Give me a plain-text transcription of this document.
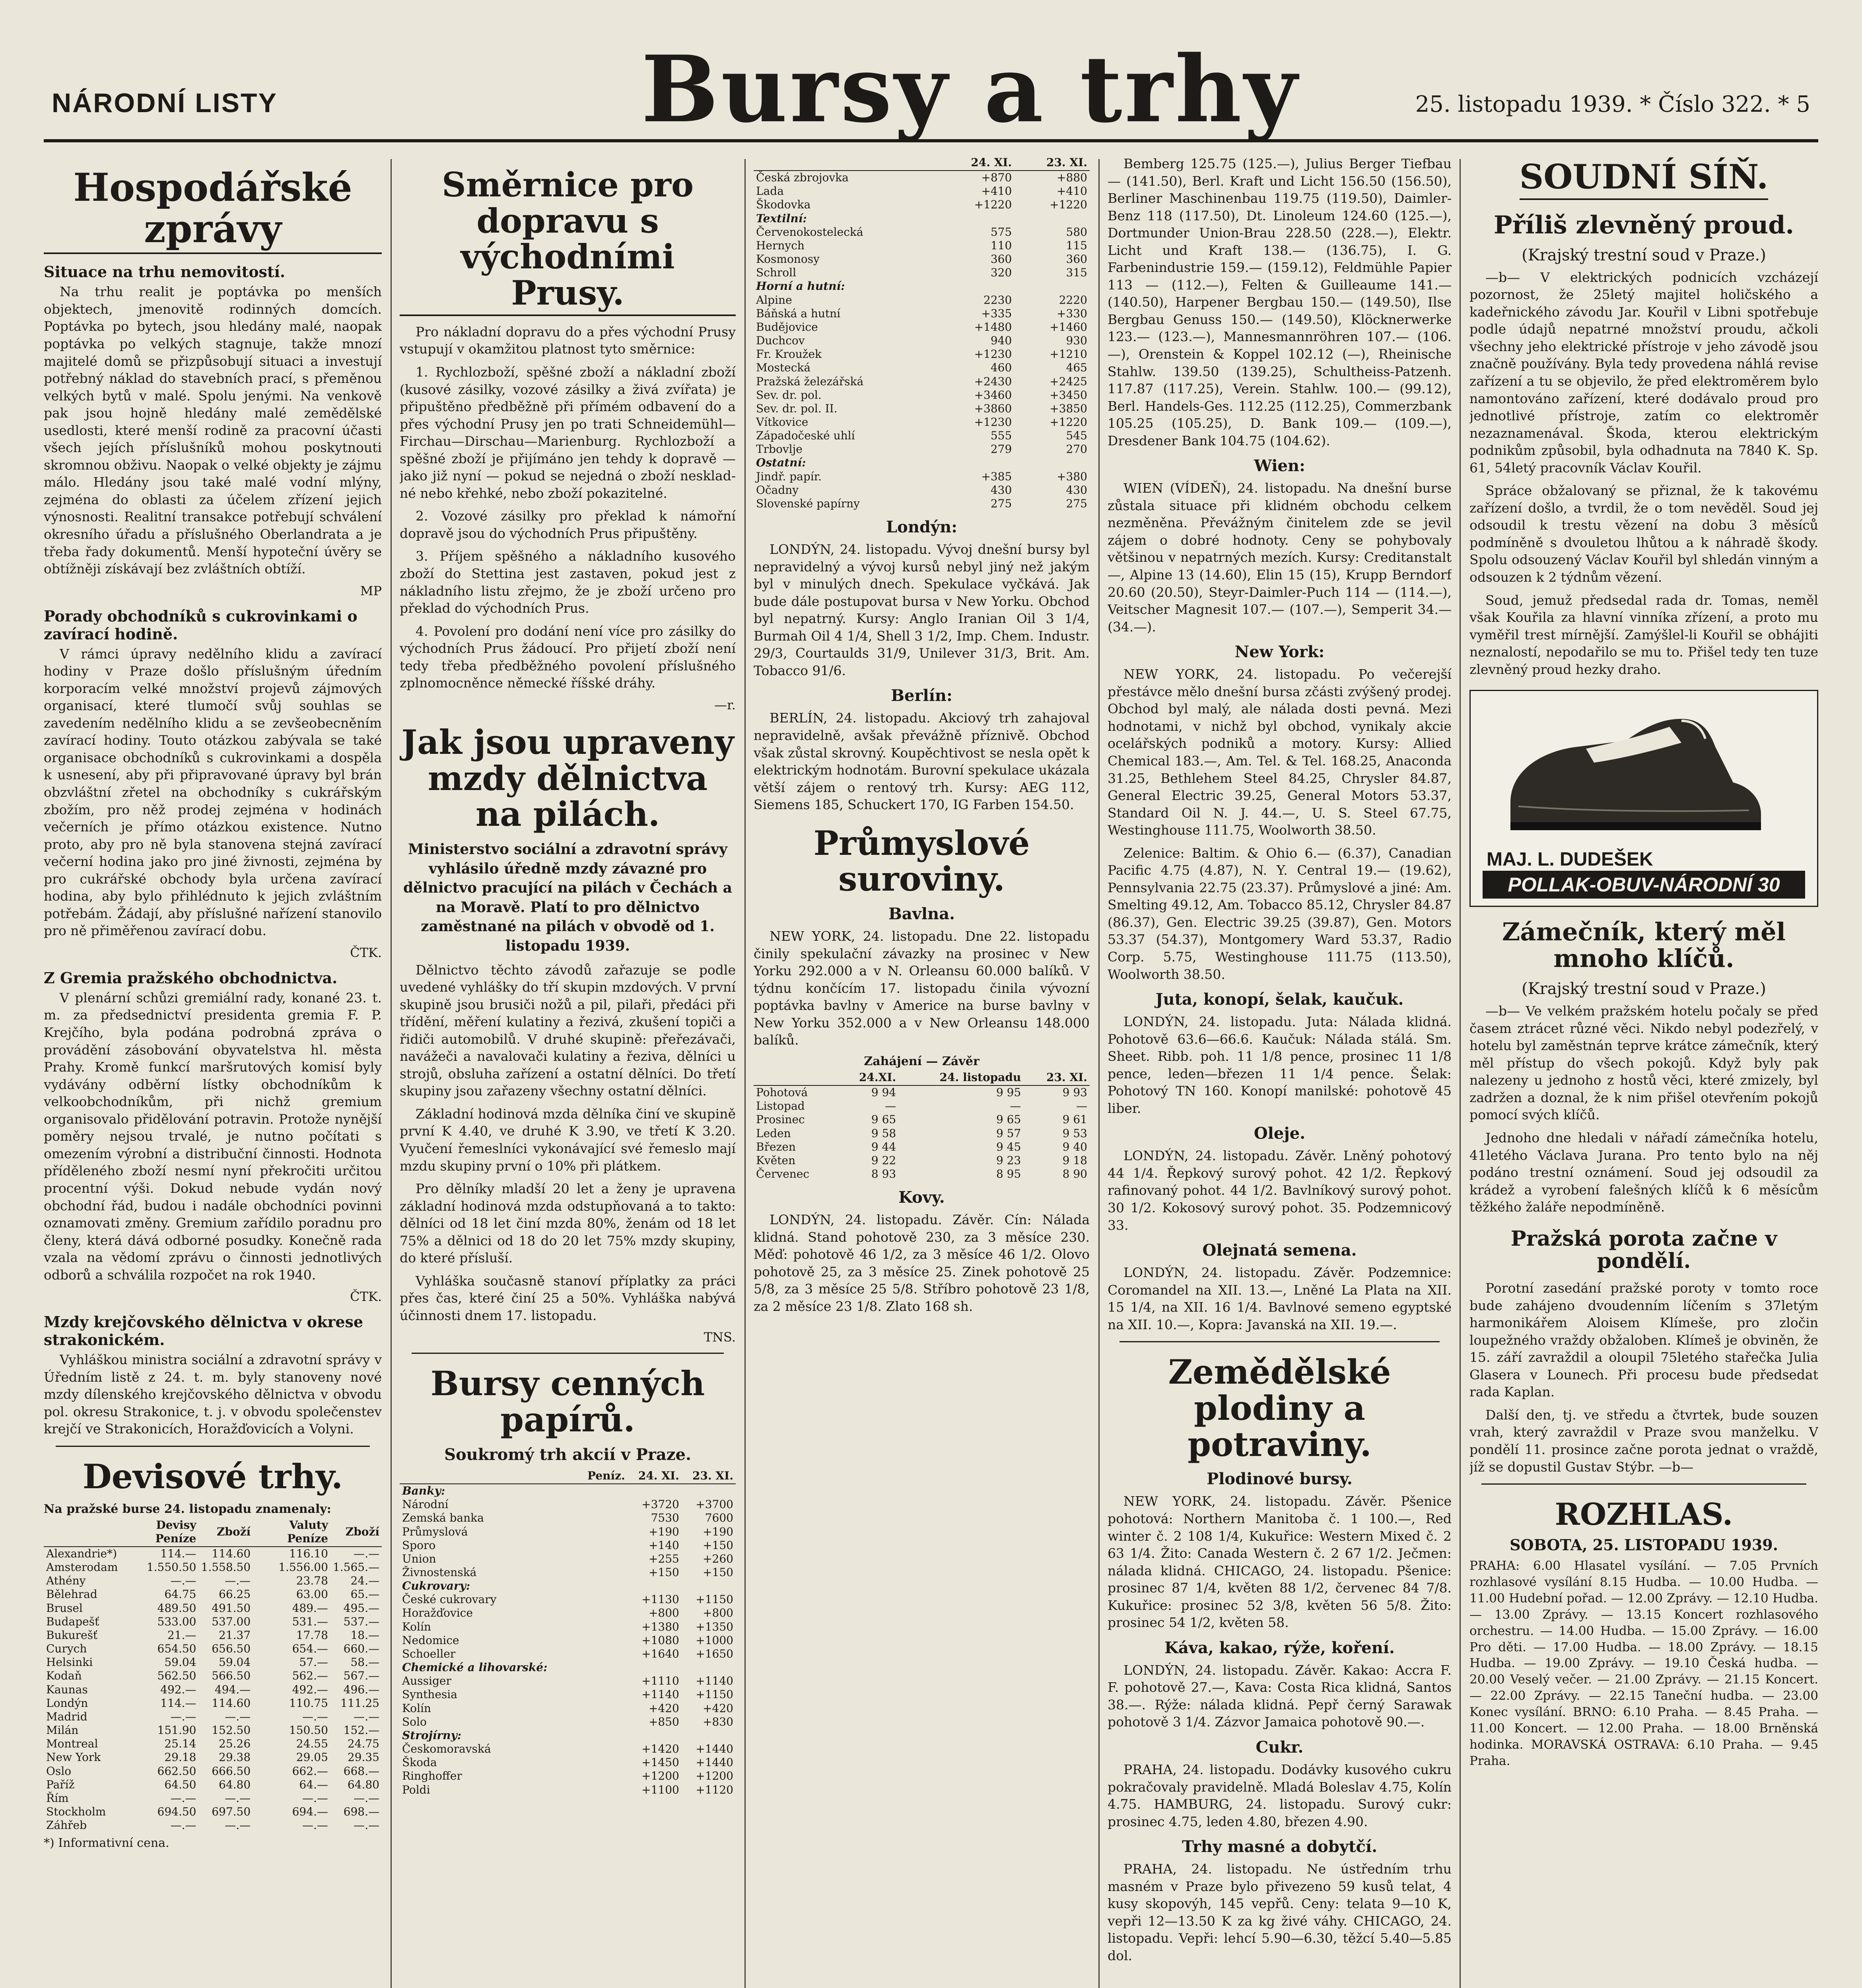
NÁRODNÍ LISTY	Bursy a trhy	25. listopadu 1939. * Číslo 322. * 5
Hospodářské zprávy
Situace na trhu nemovitostí.

Na trhu realit je poptávka po menších objektech, jmenovitě rodinných domcích. Poptávka po bytech, jsou hledány malé, naopak poptávka po velkých stagnuje, takže mnozí majitelé domů se přizpůsobují situaci a investují potřebný náklad do stavebních prací, s přeměnou velkých bytů v malé. Spolu jenými. Na venkově pak jsou hojně hledány malé zemědělské usedlosti, které menší rodině za pracovní účasti všech jejích příslušníků mohou poskytnouti skromnou obživu. Naopak o velké objekty je zájmu málo. Hledány jsou také malé vodní mlýny, zejména do oblasti za účelem zřízení jejich výnosnosti. Realitní transakce potřebují schválení okresního úřadu a příslušného Oberlandrata a je třeba řady dokumentů. Menší hypoteční úvěry se obtížněji získávají bez zvláštních obtíží.

MP
Porady obchodníků s cukrovinkami o zavírací hodině.

V rámci úpravy nedělního klidu a zavírací hodiny v Praze došlo příslušným úředním korporacím velké množství projevů zájmových organisací, které tlumočí svůj souhlas se zavedením nedělního klidu a se zevšeobecněním zavírací hodiny. Touto otázkou zabývala se také organisace obchodníků s cukrovinkami a dospěla k usnesení, aby při připravované úpravy byl brán obzvláštní zřetel na obchodníky s cukrářským zbožím, pro něž prodej zejména v hodinách večerních je přímo otázkou existence. Nutno proto, aby pro ně byla stanovena stejná zavírací večerní hodina jako pro jiné živnosti, zejména by pro cukrářské obchody byla určena zavírací hodina, aby bylo přihlédnuto k jejich zvláštním potřebám. Žádají, aby příslušné nařízení stanovilo pro ně přiměřenou zavírací dobu.

ČTK.
Z Gremia pražského obchodnictva.

V plenární schůzi gremiální rady, konané 23. t. m. za předsednictví presidenta gremia F. P. Krejčího, byla podána podrobná zpráva o provádění zásobování obyvatelstva hl. města Prahy. Kromě funkcí maršrutových komisí byly vydávány odběrní lístky obchodníkům k velkoobchodníkům, při nichž gremium organisovalo přidělování potravin. Protože nynější poměry nejsou trvalé, je nutno počítati s omezením výrobní a distribuční činnosti. Hodnota příděleného zboží nesmí nyní překročiti určitou procentní výši. Dokud nebude vydán nový obchodní řád, budou i nadále obchodníci povinni oznamovati změny. Gremium zařídilo poradnu pro členy, která dává odborné posudky. Konečně rada vzala na vědomí zprávu o činnosti jednotlivých odborů a schválila rozpočet na rok 1940.

ČTK.
Mzdy krejčovského dělnictva v okrese strakonickém.

Vyhláškou ministra sociální a zdravotní správy v Úředním listě z 24. t. m. byly stanoveny nové mzdy dílenského krejčovského dělnictva v obvodu pol. okresu Strakonice, t. j. v obvodu společenstev krejčí ve Strakonicích, Horažďovicích a Volyni.

Devisové trhy.
Na pražské burse 24. listopadu znamenaly:
	Devisy Peníze	Zboží	Valuty Peníze	Zboží
Alexandrie*)	114.—	114.60	116.10	—.—
Amsterodam	1.550.50	1.558.50	1.556.00	1.565.—
Athény	—.—	—.—	23.78	24.—
Bělehrad	64.75	66.25	63.00	65.—
Brusel	489.50	491.50	489.—	495.—
Budapešť	533.00	537.00	531.—	537.—
Bukurešť	21.—	21.37	17.78	18.—
Curych	654.50	656.50	654.—	660.—
Helsinki	59.04	59.04	57.—	58.—
Kodaň	562.50	566.50	562.—	567.—
Kaunas	492.—	494.—	492.—	496.—
Londýn	114.—	114.60	110.75	111.25
Madrid	—.—	—.—	—.—	—.—
Milán	151.90	152.50	150.50	152.—
Montreal	25.14	25.26	24.55	24.75
New York	29.18	29.38	29.05	29.35
Oslo	662.50	666.50	662.—	668.—
Paříž	64.50	64.80	64.—	64.80
Řím	—.—	—.—	—.—	—.—
Stockholm	694.50	697.50	694.—	698.—
Záhřeb	—.—	—.—	—.—	—.—
*) Informativní cena.
Směrnice pro dopravu s východními Prusy.

Pro nákladní dopravu do a přes východní Prusy vstupují v okamžitou platnost tyto směrnice:

1. Rychlozboží, spěšné zboží a nákladní zboží (kusové zásilky, vozové zásilky a živá zvířata) je připuštěno předběžně při přímém odbavení do a přes východní Prusy jen po trati Schneidemühl—Firchau—Dirschau—Marienburg. Rychlozboží a spěšné zboží je přijímáno jen tehdy k dopravě — jako již nyní — pokud se nejedná o zboží nesklad-né nebo křehké, nebo zboží pokazitelné.

2. Vozové zásilky pro překlad k námořní dopravě jsou do východních Prus připuštěny.

3. Příjem spěšného a nákladního kusového zboží do Stettina jest zastaven, pokud jest z nákladního listu zřejmo, že je zboží určeno pro překlad do východních Prus.

4. Povolení pro dodání není více pro zásilky do východních Prus žádoucí. Pro přijetí zboží není tedy třeba předběžného povolení příslušného zplnomocněnce německé říšské dráhy.

—r.
Jak jsou upraveny mzdy dělnictva na pilách.
Ministerstvo sociální a zdravotní správy vyhlásilo úředně mzdy závazné pro dělnictvo pracující na pilách v Čechách a na Moravě. Platí to pro dělnictvo zaměstnané na pilách v obvodě od 1. listopadu 1939.

Dělnictvo těchto závodů zařazuje se podle uvedené vyhlášky do tří skupin mzdových. V první skupině jsou brusiči nožů a pil, pilaři, předáci při třídění, měření kulatiny a řezivá, zkušení topiči a řidiči automobilů. V druhé skupině: přeřezávači, navážeči a navalovači kulatiny a řeziva, dělníci u strojů, obsluha zařízení a ostatní dělníci. Do třetí skupiny jsou zařazeny všechny ostatní dělníci.

Základní hodinová mzda dělníka činí ve skupině první K 4.40, ve druhé K 3.90, ve třetí K 3.20. Vyučení řemeslníci vykonávající své řemeslo mají mzdu skupiny první o 10% při plátkem.

Pro dělníky mladší 20 let a ženy je upravena základní hodinová mzda odstupňovaná a to takto: dělníci od 18 let činí mzda 80%, ženám od 18 let 75% a dělnici od 18 do 20 let 75% mzdy skupiny, do které přísluší.

Vyhláška současně stanoví příplatky za práci přes čas, které činí 25 a 50%. Vyhláška nabývá účinnosti dnem 17. listopadu.

TNS.
Bursy cenných papírů.
Soukromý trh akcií v Praze.
	Peníz.	24. XI.	23. XI.
Banky:			
Národní		+3720	+3700
Zemská banka		7530	7600
Průmyslová		+190	+190
Sporo		+140	+150
Union		+255	+260
Živnostenská		+150	+150
Cukrovary:			
České cukrovary		+1130	+1150
Horažďovice		+800	+800
Kolín		+1380	+1350
Nedomice		+1080	+1000
Schoeller		+1640	+1650
Chemické a lihovarské:			
Aussiger		+1110	+1140
Synthesia		+1140	+1150
Kolín		+420	+420
Solo		+850	+830
Strojírny:			
Českomoravská		+1420	+1440
Škoda		+1450	+1440
Ringhoffer		+1200	+1200
Poldi		+1100	+1120
	24. XI.	23. XI.
Česká zbrojovka	+870	+880
Lada	+410	+410
Škodovka	+1220	+1220
Textilní:		
Červenokostelecká	575	580
Hernych	110	115
Kosmonosy	360	360
Schroll	320	315
Horní a hutní:		
Alpine	2230	2220
Báňská a hutní	+335	+330
Budějovice	+1480	+1460
Duchcov	940	930
Fr. Kroužek	+1230	+1210
Mostecká	460	465
Pražská železářská	+2430	+2425
Sev. dr. pol.	+3460	+3450
Sev. dr. pol. II.	+3860	+3850
Vítkovice	+1230	+1220
Západočeské uhlí	555	545
Trbovlje	279	270
Ostatní:		
Jindř. papír.	+385	+380
Očadny	430	430
Slovenské papírny	275	275
Londýn:

LONDÝN, 24. listopadu. Vývoj dnešní bursy byl nepravidelný a vývoj kursů nebyl jiný než jakým byl v minulých dnech. Spekulace vyčkává. Jak bude dále postupovat bursa v New Yorku. Obchod byl nepatrný. Kursy: Anglo Iranian Oil 3 1/4, Burmah Oil 4 1/4, Shell 3 1/2, Imp. Chem. Industr. 29/3, Courtaulds 31/9, Unilever 31/3, Brit. Am. Tobacco 91/6.

Berlín:

BERLÍN, 24. listopadu. Akciový trh zahajoval nepravidelně, avšak převážně příznivě. Obchod však zůstal skrovný. Koupěchtivost se nesla opět k elektrickým hodnotám. Burovní spekulace ukázala větší zájem o rentový trh. Kursy: AEG 112, Siemens 185, Schuckert 170, IG Farben 154.50.

Průmyslové suroviny.
Bavlna.

NEW YORK, 24. listopadu. Dne 22. listopadu činily spekulační závazky na prosinec v New Yorku 292.000 a v N. Orleansu 60.000 balíků. V týdnu končícím 17. listopadu činila vývozní poptávka bavlny v Americe na burse bavlny v New Yorku 352.000 a v New Orleansu 148.000 balíků.

Zahájení — Závěr
	24.XI.	24. listopadu	23. XI.
Pohotová	9 94	9 95	9 93
Listopad	—	—	—
Prosinec	9 65	9 65	9 61
Leden	9 58	9 57	9 53
Březen	9 44	9 45	9 40
Květen	9 22	9 23	9 18
Červenec	8 93	8 95	8 90
Kovy.

LONDÝN, 24. listopadu. Závěr. Cín: Nálada klidná. Stand pohotově 230, za 3 měsíce 230. Měď: pohotově 46 1/2, za 3 měsíce 46 1/2. Olovo pohotově 25, za 3 měsíce 25. Zinek pohotově 25 5/8, za 3 měsíce 25 5/8. Stříbro pohotově 23 1/8, za 2 měsíce 23 1/8. Zlato 168 sh.

Bemberg 125.75 (125.—), Julius Berger Tiefbau — (141.50), Berl. Kraft und Licht 156.50 (156.50), Berliner Maschinenbau 119.75 (119.50), Daimler-Benz 118 (117.50), Dt. Linoleum 124.60 (125.—), Dortmunder Union-Brau 228.50 (228.—), Elektr. Licht und Kraft 138.— (136.75), I. G. Farbenindustrie 159.— (159.12), Feldmühle Papier 113 — (112.—), Felten & Guilleaume 141.— (140.50), Harpener Bergbau 150.— (149.50), Ilse Bergbau Genuss 150.— (149.50), Klöcknerwerke 123.— (123.—), Mannesmannröhren 107.— (106.—), Orenstein & Koppel 102.12 (—), Rheinische Stahlw. 139.50 (139.25), Schultheiss-Patzenh. 117.87 (117.25), Verein. Stahlw. 100.— (99.12), Berl. Handels-Ges. 112.25 (112.25), Commerzbank 105.25 (105.25), D. Bank 109.— (109.—), Dresdener Bank 104.75 (104.62).

Wien:

WIEN (VÍDEŇ), 24. listopadu. Na dnešní burse zůstala situace při klidném obchodu celkem nezměněna. Převážným činitelem zde se jevil zájem o dobré hodnoty. Ceny se pohybovaly většinou v nepatrných mezích. Kursy: Creditanstalt —, Alpine 13 (14.60), Elin 15 (15), Krupp Berndorf 20.60 (20.50), Steyr-Daimler-Puch 114 — (114.—), Veitscher Magnesit 107.— (107.—), Semperit 34.— (34.—).

New York:

NEW YORK, 24. listopadu. Po večerejší přestávce mělo dnešní bursa zčásti zvýšený prodej. Obchod byl malý, ale nálada dosti pevná. Mezi hodnotami, v nichž byl obchod, vynikaly akcie ocelářských podniků a motory. Kursy: Allied Chemical 183.—, Am. Tel. & Tel. 168.25, Anaconda 31.25, Bethlehem Steel 84.25, Chrysler 84.87, General Electric 39.25, General Motors 53.37, Standard Oil N. J. 44.—, U. S. Steel 67.75, Westinghouse 111.75, Woolworth 38.50.

Zelenice: Baltim. & Ohio 6.— (6.37), Canadian Pacific 4.75 (4.87), N. Y. Central 19.— (19.62), Pennsylvania 22.75 (23.37). Průmyslové a jiné: Am. Smelting 49.12, Am. Tobacco 85.12, Chrysler 84.87 (86.37), Gen. Electric 39.25 (39.87), Gen. Motors 53.37 (54.37), Montgomery Ward 53.37, Radio Corp. 5.75, Westinghouse 111.75 (113.50), Woolworth 38.50.

Juta, konopí, šelak, kaučuk.

LONDÝN, 24. listopadu. Juta: Nálada klidná. Pohotově 63.6—66.6. Kaučuk: Nálada stálá. Sm. Sheet. Ribb. poh. 11 1/8 pence, prosinec 11 1/8 pence, leden—březen 11 1/4 pence. Šelak: Pohotový TN 160. Konopí manilské: pohotově 45 liber.

Oleje.

LONDÝN, 24. listopadu. Závěr. Lněný pohotový 44 1/4. Řepkový surový pohot. 42 1/2. Řepkový rafinovaný pohot. 44 1/2. Bavlníkový surový pohot. 30 1/2. Kokosový surový pohot. 35. Podzemnicový 33.

Olejnatá semena.

LONDÝN, 24. listopadu. Závěr. Podzemnice: Coromandel na XII. 13.—, Lněné La Plata na XII. 15 1/4, na XII. 16 1/4. Bavlnové semeno egyptské na XII. 10.—, Kopra: Javanská na XII. 19.—.

Zemědělské plodiny a potraviny.
Plodinové bursy.

NEW YORK, 24. listopadu. Závěr. Pšenice pohotová: Northern Manitoba č. 1 100.—, Red winter č. 2 108 1/4, Kukuřice: Western Mixed č. 2 63 1/4. Žito: Canada Western č. 2 67 1/2. Ječmen: nálada klidná. CHICAGO, 24. listopadu. Pšenice: prosinec 87 1/4, květen 88 1/2, červenec 84 7/8. Kukuřice: prosinec 52 3/8, květen 56 5/8. Žito: prosinec 54 1/2, květen 58.

Káva, kakao, rýže, koření.

LONDÝN, 24. listopadu. Závěr. Kakao: Accra F. F. pohotově 27.—, Kava: Costa Rica klidná, Santos 38.—. Rýže: nálada klidná. Pepř černý Sarawak pohotově 3 1/4. Zázvor Jamaica pohotově 90.—.

Cukr.

PRAHA, 24. listopadu. Dodávky kusového cukru pokračovaly pravidelně. Mladá Boleslav 4.75, Kolín 4.75. HAMBURG, 24. listopadu. Surový cukr: prosinec 4.75, leden 4.80, březen 4.90.

Trhy masné a dobytčí.

PRAHA, 24. listopadu. Ne ústředním trhu masném v Praze bylo přivezeno 59 kusů telat, 4 kusy skopovýh, 145 vepřů. Ceny: telata 9—10 K, vepři 12—13.50 K za kg živé váhy. CHICAGO, 24. listopadu. Vepři: lehcí 5.90—6.30, těžcí 5.40—5.85 dol.

SOUDNÍ SÍŇ.
Příliš zlevněný proud.
(Krajský trestní soud v Praze.)

—b— V elektrických podnicích vzcházejí pozornost, že 25letý majitel holičského a kadeřnického závodu Jar. Kouřil v Libni spotřebuje podle údajů nepatrné množství proudu, ačkoli všechny jeho elektrické přístroje v jeho závodě jsou značně používány. Byla tedy provedena náhlá revise zařízení a tu se objevilo, že před elektroměrem bylo namontováno zařízení, které dodávalo proud pro jednotlivé přístroje, zatím co elektroměr nezaznamenával. Škoda, kterou elektrickým podnikům způsobil, byla odhadnuta na 7840 K. Sp. 61, 54letý pracovník Václav Kouřil.

Spráce obžalovaný se přiznal, že k takovému zařízení došlo, a tvrdil, že o tom nevěděl. Soud jej odsoudil k trestu vězení na dobu 3 měsíců podmíněně s dvouletou lhůtou a k náhradě škody. Spolu odsouzený Václav Kouřil byl shledán vinným a odsouzen k 2 týdnům vězení.

Soud, jemuž předsedal rada dr. Tomas, neměl však Kouřila za hlavní vinníka zřízení, a proto mu vyměřil trest mírnější. Zamýšlel-li Kouřil se obhájiti neznalostí, nepodařilo se mu to. Přišel tedy ten tuze zlevněný proud hezky draho.

MAJ. L. DUDEŠEK
POLLAK-OBUV-NÁRODNÍ 30
Zámečník, který měl mnoho klíčů.
(Krajský trestní soud v Praze.)

—b— Ve velkém pražském hotelu počaly se před časem ztrácet různé věci. Nikdo nebyl podezřelý, v hotelu byl zaměstnán teprve krátce zámečník, který měl přístup do všech pokojů. Když byly pak nalezeny u jednoho z hostů věci, které zmizely, byl zadržen a doznal, že k nim přišel otevřením pokojů pomocí svých klíčů.

Jednoho dne hledali v nářadí zámečníka hotelu, 41letého Václava Jurana. Pro tento bylo na něj podáno trestní oznámení. Soud jej odsoudil za krádež a vyrobení falešných klíčů k 6 měsícům těžkého žaláře nepodmíněně.

Pražská porota začne v pondělí.

Porotní zasedání pražské poroty v tomto roce bude zahájeno dvoudenním líčením s 37letým harmonikářem Aloisem Klímeše, pro zločin loupežného vraždy obžaloben. Klímeš je obviněn, že 15. září zavraždil a oloupil 75letého stařečka Julia Glasera v Lounech. Při procesu bude předsedat rada Kaplan.

Další den, tj. ve středu a čtvrtek, bude souzen vrah, který zavraždil v Praze svou manželku. V pondělí 11. prosince začne porota jednat o vraždě, jíž se dopustil Gustav Stýbr. —b—

ROZHLAS.
SOBOTA, 25. LISTOPADU 1939.
PRAHA: 6.00 Hlasatel vysílání. — 7.05 Prvních rozhlasové vysílání 8.15 Hudba. — 10.00 Hudba. — 11.00 Hudební pořad. — 12.00 Zprávy. — 12.10 Hudba. — 13.00 Zprávy. — 13.15 Koncert rozhlasového orchestru. — 14.00 Hudba. — 15.00 Zprávy. — 16.00 Pro děti. — 17.00 Hudba. — 18.00 Zprávy. — 18.15 Hudba. — 19.00 Zprávy. — 19.10 Česká hudba. — 20.00 Veselý večer. — 21.00 Zprávy. — 21.15 Koncert. — 22.00 Zprávy. — 22.15 Taneční hudba. — 23.00 Konec vysílání. BRNO: 6.10 Praha. — 8.45 Praha. — 11.00 Koncert. — 12.00 Praha. — 18.00 Brněnská hodinka. MORAVSKÁ OSTRAVA: 6.10 Praha. — 9.45 Praha.
